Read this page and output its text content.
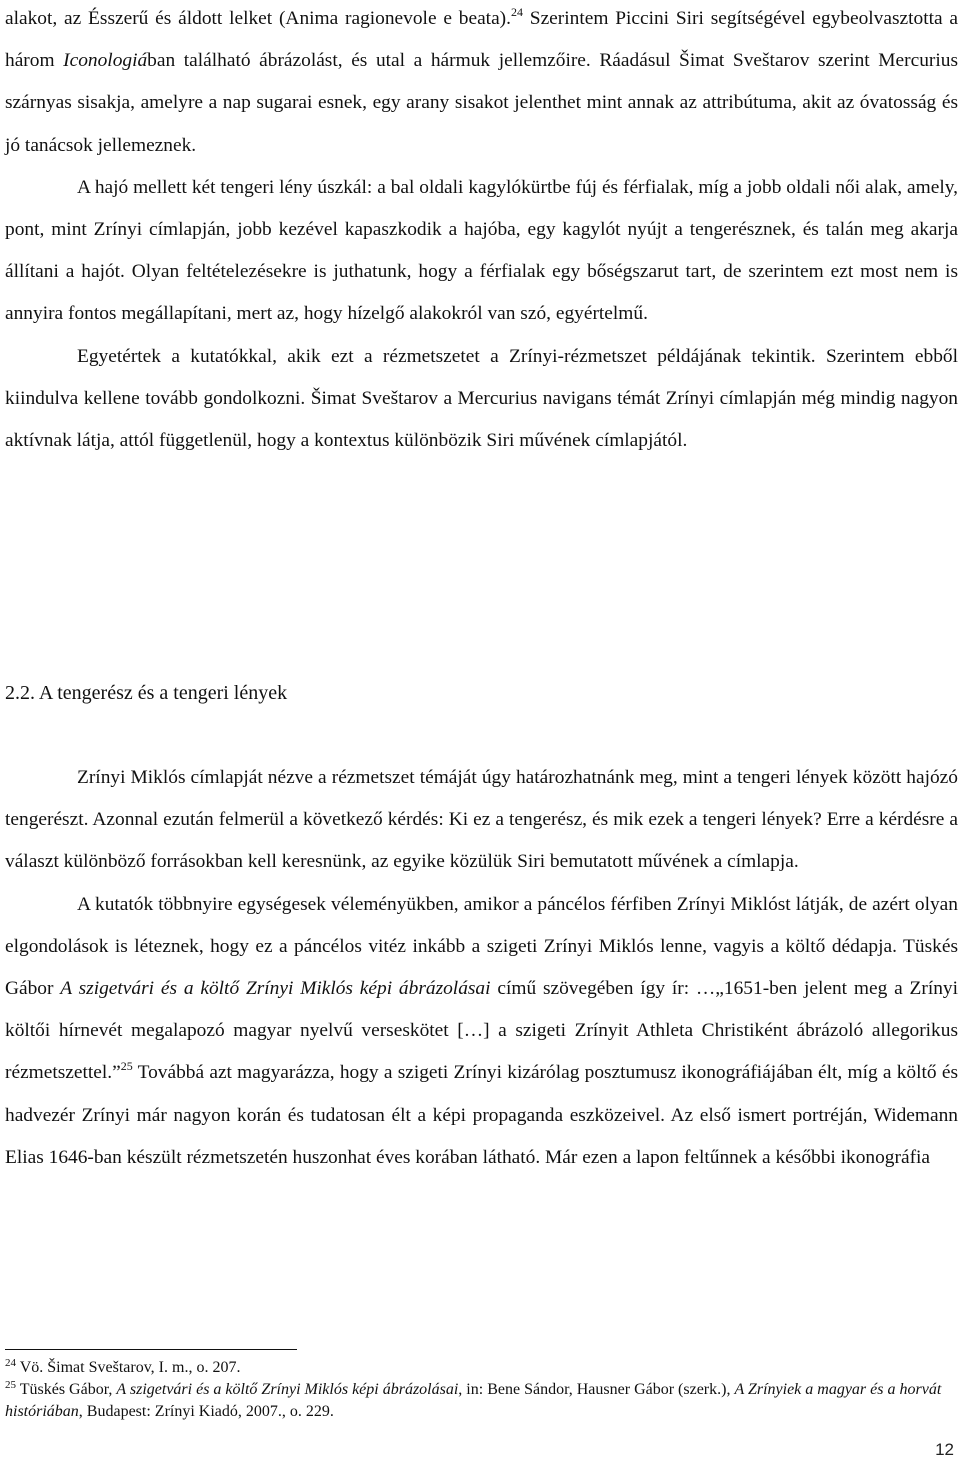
alakot, az Ésszerű és áldott lelket (Anima ragionevole e beata).$^{24}$ Szerintem Piccini Siri segítségével egybeolvasztotta a három Iconologiában található ábrázolást, és utal a hármuk jellemzőire. Ráadásul Šimat Sveštarov szerint Mercurius szárnyas sisakja, amelyre a nap sugarai esnek, egy arany sisakot jelenthet mint annak az attribútuma, akit az óvatosság és jó tanácsok jellemeznek.

A hajó mellett két tengeri lény úszkál: a bal oldali kagylókürtbe fúj és férfialak, míg a jobb oldali női alak, amely, pont, mint Zrínyi címlapján, jobb kezével kapaszkodik a hajóba, egy kagylót nyújt a tengerésznek, és talán meg akarja állítani a hajót. Olyan feltételezésekre is juthatunk, hogy a férfialak egy bőségszarut tart, de szerintem ezt most nem is annyira fontos megállapítani, mert az, hogy hízelgő alakokról van szó, egyértelmű.

Egyetértek a kutatókkal, akik ezt a rézmetszetet a Zrínyi-rézmetszet példájának tekintik. Szerintem ebből kiindulva kellene tovább gondolkozni. Šimat Sveštarov a Mercurius navigans témát Zrínyi címlapján még mindig nagyon aktívnak látja, attól függetlenül, hogy a kontextus különbözik Siri művének címlapjától.

2.2. A tengerész és a tengeri lények

Zrínyi Miklós címlapját nézve a rézmetszet témáját úgy határozhatnánk meg, mint a tengeri lények között hajózó tengerészt. Azonnal ezután felmerül a következő kérdés: Ki ez a tengerész, és mik ezek a tengeri lények? Erre a kérdésre a választ különböző forrásokban kell keresnünk, az egyike közülük Siri bemutatott művének a címlapja.

A kutatók többnyire egységesek véleményükben, amikor a páncélos férfiben Zrínyi Miklóst látják, de azért olyan elgondolások is léteznek, hogy ez a páncélos vitéz inkább a szigeti Zrínyi Miklós lenne, vagyis a költő dédapja. Tüskés Gábor A szigetvári és a költő Zrínyi Miklós képi ábrázolásai című szövegében így ír: …„1651-ben jelent meg a Zrínyi költői hírnevét megalapozó magyar nyelvű verseskötet […] a szigeti Zrínyit Athleta Christiként ábrázoló allegorikus rézmetszettel.”$^{25}$ Továbbá azt magyarázza, hogy a szigeti Zrínyi kizárólag posztumusz ikonográfiájában élt, míg a költő és hadvezér Zrínyi már nagyon korán és tudatosan élt a képi propaganda eszközeivel. Az első ismert portréján, Widemann Elias 1646-ban készült rézmetszetén huszonhat éves korában látható. Már ezen a lapon feltűnnek a későbbi ikonográfia

$^{24}$ Vö. Šimat Sveštarov, I. m., o. 207.

$^{25}$ Tüskés Gábor, A szigetvári és a költő Zrínyi Miklós képi ábrázolásai, in: Bene Sándor, Hausner Gábor (szerk.), A Zrínyiek a magyar és a horvát históriában, Budapest: Zrínyi Kiadó, 2007., o. 229.

12
